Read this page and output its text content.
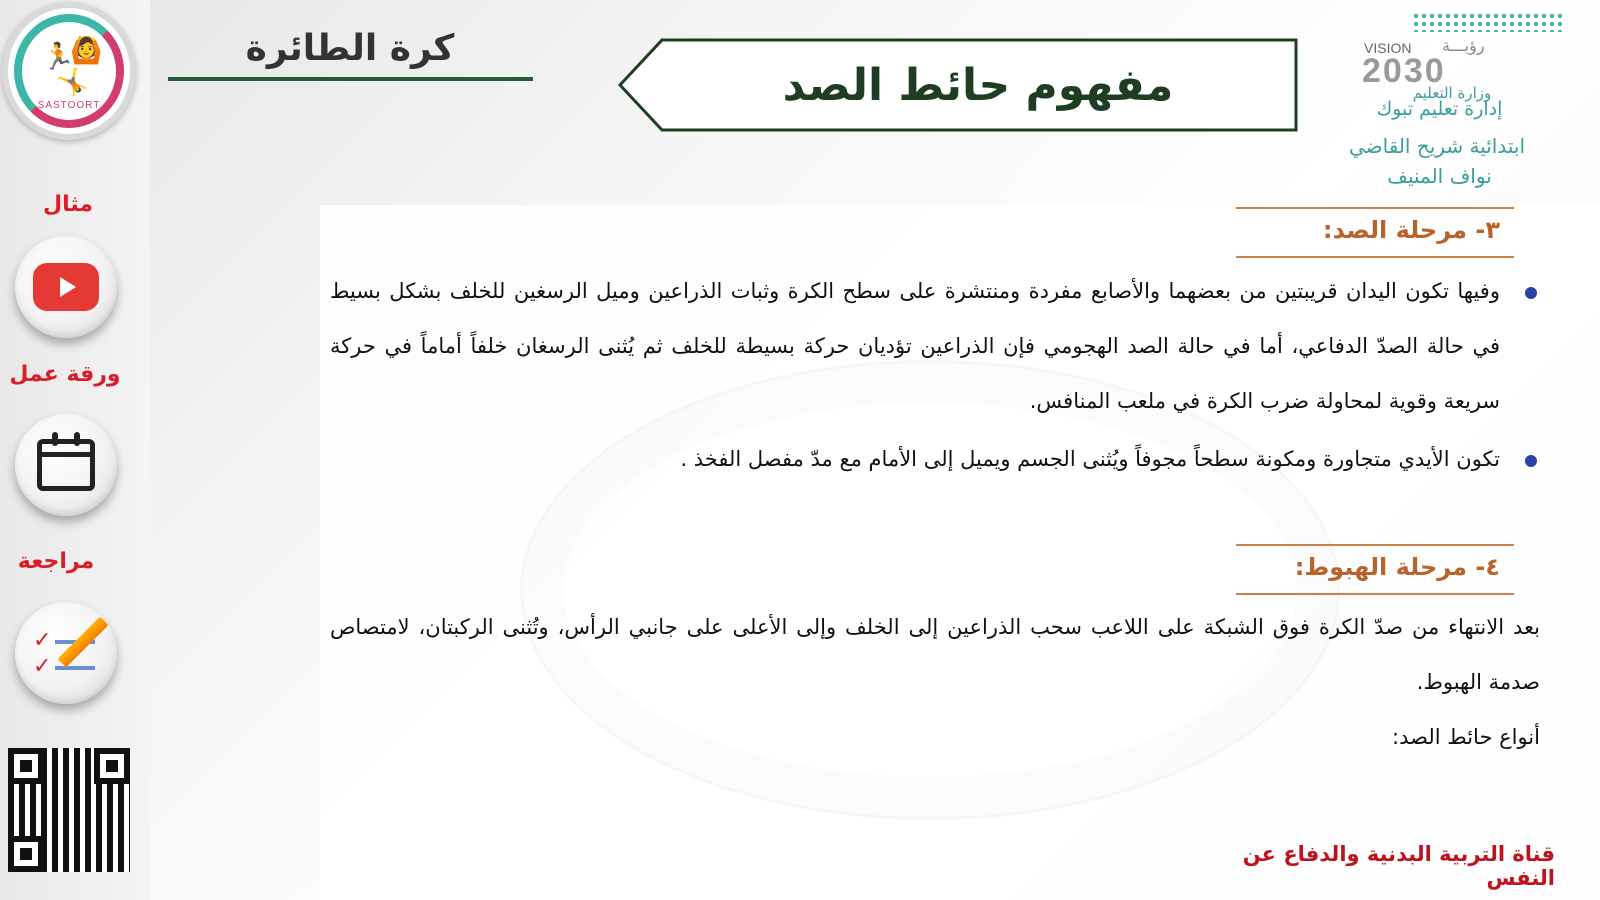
🏃
🙆
🤸
SASTOORT
كرة الطائرة
مفهوم حائط الصد
VISION رؤيـــة
2030
وزارة التعليم
إدارة تعليم تبوك
ابتدائية شريح القاضي
نواف المنيف
مثال
ورقة عمل
مراجعة
✓
✓
٣- مرحلة الصد:
وفيها تكون اليدان قريبتين من بعضهما والأصابع مفردة ومنتشرة على سطح الكرة وثبات الذراعين وميل الرسغين للخلف بشكل بسيط في حالة الصدّ الدفاعي، أما في حالة الصد الهجومي فإن الذراعين تؤديان حركة بسيطة للخلف ثم يُثنى الرسغان خلفاً أماماً في حركة سريعة وقوية لمحاولة ضرب الكرة في ملعب المنافس.
تكون الأيدي متجاورة ومكونة سطحاً مجوفاً ويُثنى الجسم ويميل إلى الأمام مع مدّ مفصل الفخذ .
٤- مرحلة الهبوط:
بعد الانتهاء من صدّ الكرة فوق الشبكة على اللاعب سحب الذراعين إلى الخلف وإلى الأعلى على جانبي الرأس، وتُثنى الركبتان، لامتصاص صدمة الهبوط.
أنواع حائط الصد:
قناة التربية البدنية والدفاع عن النفس
